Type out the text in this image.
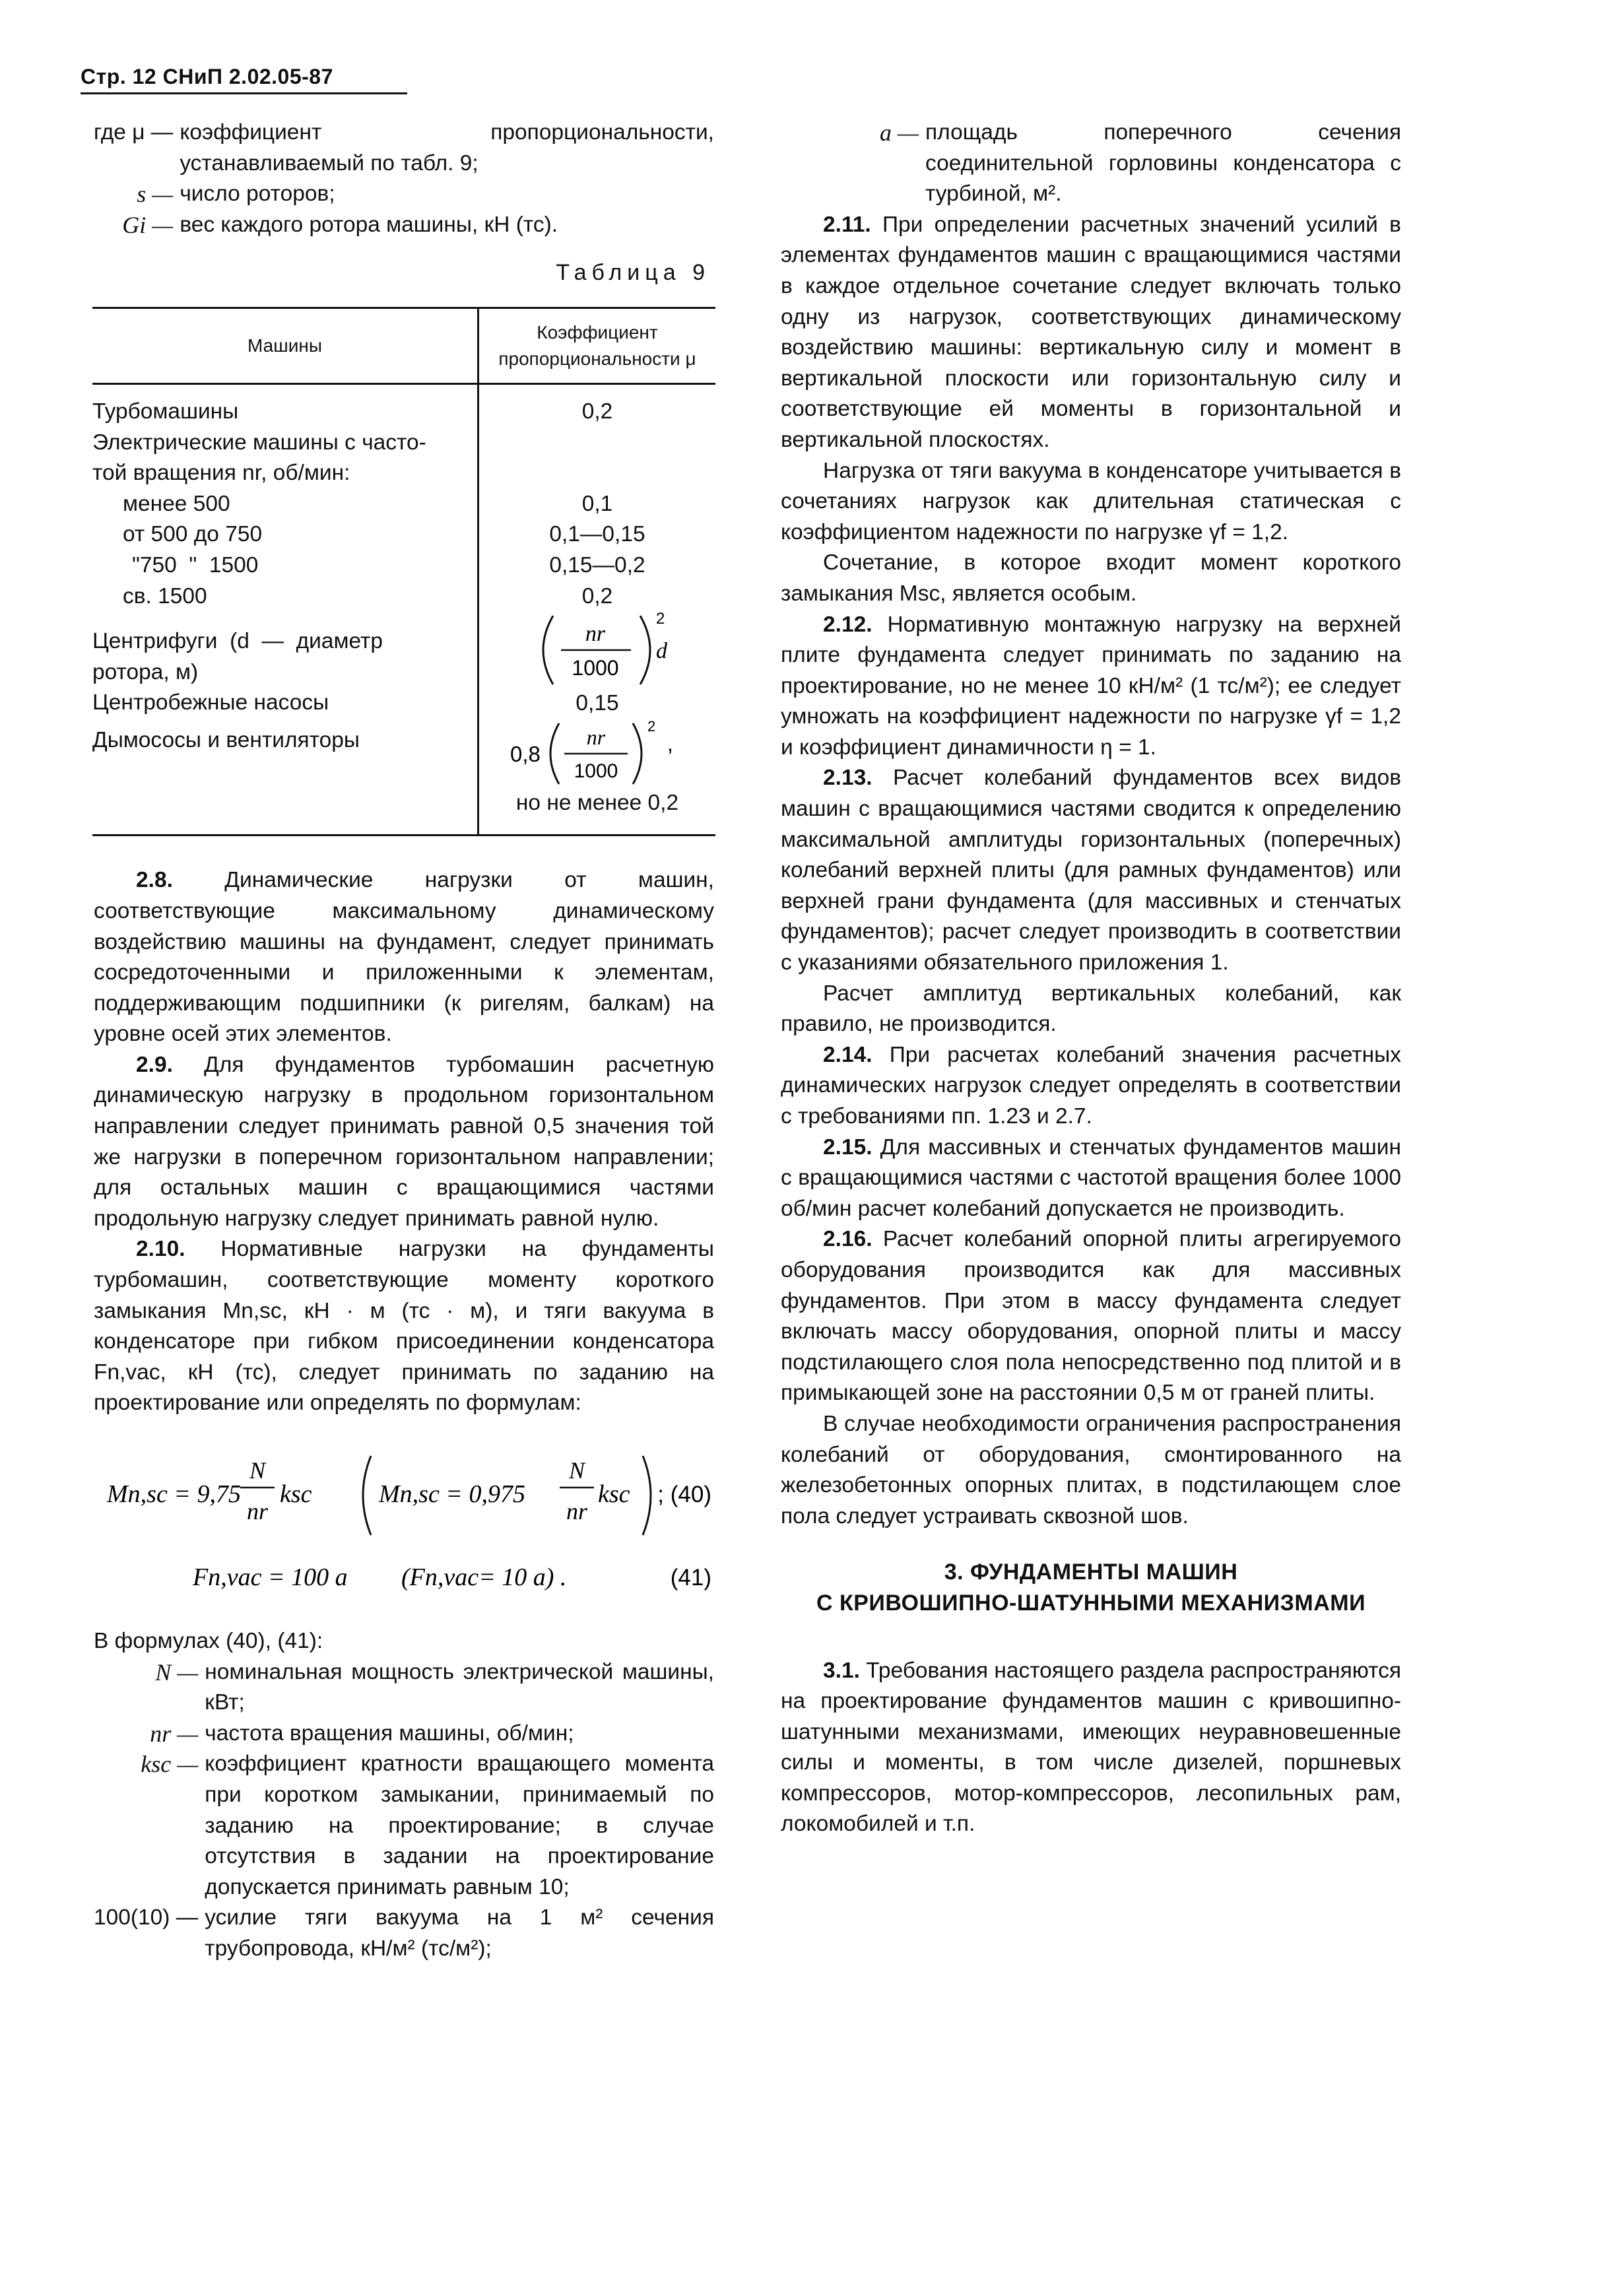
Стр. 12 СНиП 2.02.05-87
где μ — коэффициент пропорциональности, устанавливаемый по табл. 9;
s — число роторов;
Gi — вес каждого ротора машины, кН (тс).
Таблица 9
Машины
Коэффициент пропорциональности μ
Турбомашины
Электрические машины с часто-
той вращения nr, об/мин:
менее 500
от 500 до 750
"750  "  1500
св. 1500
Центрифуги  (d  —  диаметр
ротора, м)
Центробежные насосы
Дымососы и вентиляторы
0,2
0,1
0,1—0,15
0,15—0,2
0,2
nr
1000
2
d
0,15
0,8
nr
1000
2
,
но не менее 0,2

2.8. Динамические нагрузки от машин, соответствующие максимальному динамическому воздействию машины на фундамент, следует принимать сосредоточенными и приложенными к элементам, поддерживающим подшипники (к ригелям, балкам) на уровне осей этих элементов.

2.9. Для фундаментов турбомашин расчетную динамическую нагрузку в продольном горизонтальном направлении следует принимать равной 0,5 значения той же нагрузки в поперечном горизонтальном направлении; для остальных машин с вращающимися частями продольную нагрузку следует принимать равной нулю.

2.10. Нормативные нагрузки на фундаменты турбомашин, соответствующие моменту короткого замыкания Mn,sc, кН · м (тс · м), и тяги вакуума в конденсаторе при гибком присоединении конденсатора Fn,vac, кН (тс), следует принимать по заданию на проектирование или определять по формулам:

Mn,sc = 9,75
N
nr
ksc	Mn,sc = 0,975
N
nr
ksc ; (40)
Fn,vac = 100 a (Fn,vac= 10 a) .	(41)

В формулах (40), (41):

N — номинальная мощность электрической машины, кВт;
nr — частота вращения машины, об/мин;
ksc — коэффициент кратности вращающего момента при коротком замыкании, принимаемый по заданию на проектирование; в случае отсутствия в задании на проектирование допускается принимать равным 10;
100(10) — усилие тяги вакуума на 1 м² сечения трубопровода, кН/м² (тс/м²);
a — площадь поперечного сечения соединительной горловины конденсатора с турбиной, м².

2.11. При определении расчетных значений усилий в элементах фундаментов машин с вращающимися частями в каждое отдельное сочетание следует включать только одну из нагрузок, соответствующих динамическому воздействию машины: вертикальную силу и момент в вертикальной плоскости или горизонтальную силу и соответствующие ей моменты в горизонтальной и вертикальной плоскостях.

Нагрузка от тяги вакуума в конденсаторе учитывается в сочетаниях нагрузок как длительная статическая с коэффициентом надежности по нагрузке γf = 1,2.

Сочетание, в которое входит момент короткого замыкания Msc, является особым.

2.12. Нормативную монтажную нагрузку на верхней плите фундамента следует принимать по заданию на проектирование, но не менее 10 кН/м² (1 тс/м²); ее следует умножать на коэффициент надежности по нагрузке γf = 1,2 и коэффициент динамичности η = 1.

2.13. Расчет колебаний фундаментов всех видов машин с вращающимися частями сводится к определению максимальной амплитуды горизонтальных (поперечных) колебаний верхней плиты (для рамных фундаментов) или верхней грани фундамента (для массивных и стенчатых фундаментов); расчет следует производить в соответствии с указаниями обязательного приложения 1.

Расчет амплитуд вертикальных колебаний, как правило, не производится.

2.14. При расчетах колебаний значения расчетных динамических нагрузок следует определять в соответствии с требованиями пп. 1.23 и 2.7.

2.15. Для массивных и стенчатых фундаментов машин с вращающимися частями с частотой вращения более 1000 об/мин расчет колебаний допускается не производить.

2.16. Расчет колебаний опорной плиты агрегируемого оборудования производится как для массивных фундаментов. При этом в массу фундамента следует включать массу оборудования, опорной плиты и массу подстилающего слоя пола непосредственно под плитой и в примыкающей зоне на расстоянии 0,5 м от граней плиты.

В случае необходимости ограничения распространения колебаний от оборудования, смонтированного на железобетонных опорных плитах, в подстилающем слое пола следует устраивать сквозной шов.

3. ФУНДАМЕНТЫ МАШИН
С КРИВОШИПНО-ШАТУННЫМИ МЕХАНИЗМАМИ

3.1. Требования настоящего раздела распространяются на проектирование фундаментов машин с кривошипно-шатунными механизмами, имеющих неуравновешенные силы и моменты, в том числе дизелей, поршневых компрессоров, мотор-компрессоров, лесопильных рам, локомобилей и т.п.
